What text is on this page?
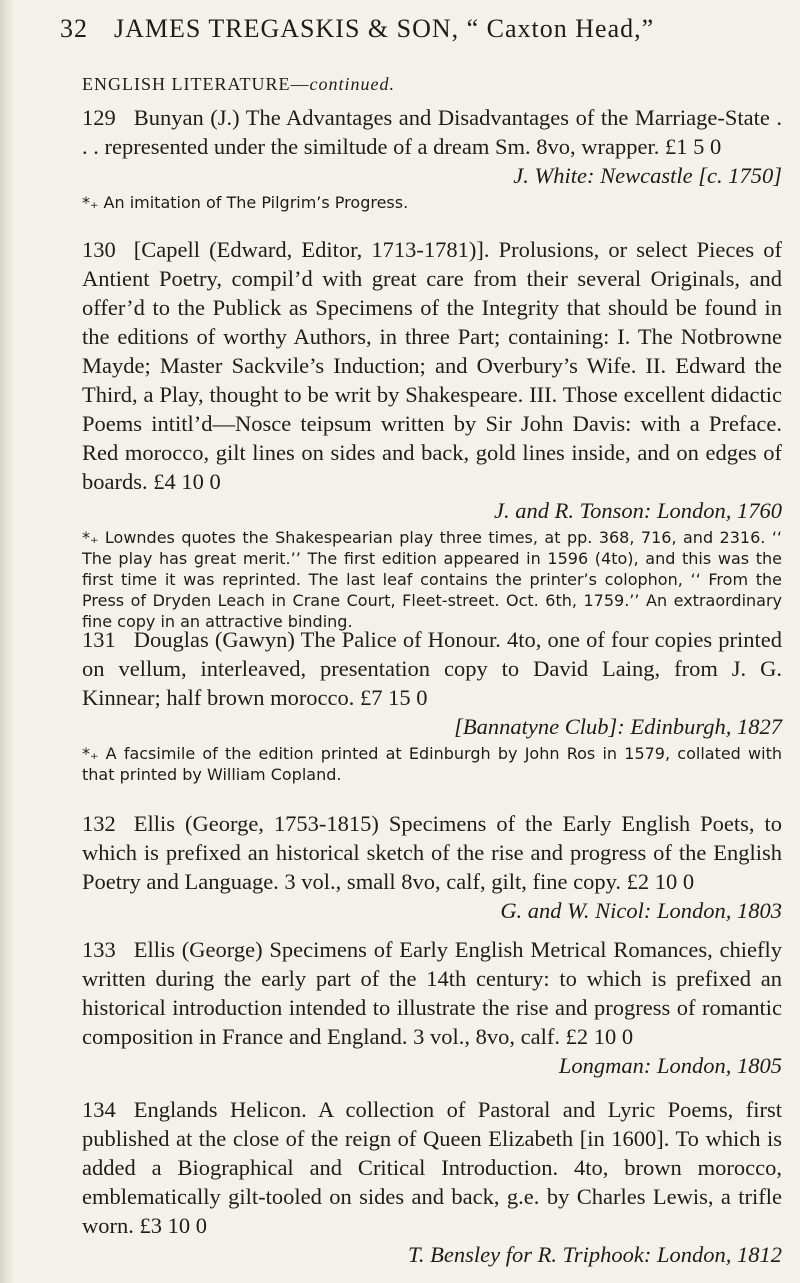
32 JAMES TREGASKIS & SON, “ Caxton Head,”
ENGLISH LITERATURE—continued.

129 Bunyan (J.) The Advantages and Disadvantages of the Marriage-State . . . represented under the similtude of a dream Sm. 8vo, wrapper. £1 5 0

J. White: Newcastle [c. 1750]

*₊ An imitation of The Pilgrim’s Progress.

130 [Capell (Edward, Editor, 1713-1781)]. Prolusions, or select Pieces of Antient Poetry, compil’d with great care from their several Originals, and offer’d to the Publick as Specimens of the Integrity that should be found in the editions of worthy Authors, in three Part; containing: I. The Notbrowne Mayde; Master Sackvile’s Induction; and Overbury’s Wife. II. Edward the Third, a Play, thought to be writ by Shakespeare. III. Those excellent didactic Poems intitl’d—Nosce teipsum written by Sir John Davis: with a Preface. Red morocco, gilt lines on sides and back, gold lines inside, and on edges of boards. £4 10 0

J. and R. Tonson: London, 1760

*₊ Lowndes quotes the Shakespearian play three times, at pp. 368, 716, and 2316. ‘‘ The play has great merit.’’ The first edition appeared in 1596 (4to), and this was the first time it was reprinted. The last leaf contains the printer’s colophon, ‘‘ From the Press of Dryden Leach in Crane Court, Fleet-street. Oct. 6th, 1759.’’ An extraordinary fine copy in an attractive binding.

131 Douglas (Gawyn) The Palice of Honour. 4to, one of four copies printed on vellum, interleaved, presentation copy to David Laing, from J. G. Kinnear; half brown morocco. £7 15 0

[Bannatyne Club]: Edinburgh, 1827

*₊ A facsimile of the edition printed at Edinburgh by John Ros in 1579, collated with that printed by William Copland.

132 Ellis (George, 1753-1815) Specimens of the Early English Poets, to which is prefixed an historical sketch of the rise and progress of the English Poetry and Language. 3 vol., small 8vo, calf, gilt, fine copy. £2 10 0

G. and W. Nicol: London, 1803

133 Ellis (George) Specimens of Early English Metrical Romances, chiefly written during the early part of the 14th century: to which is prefixed an historical introduction intended to illustrate the rise and progress of romantic composition in France and England. 3 vol., 8vo, calf. £2 10 0

Longman: London, 1805

134 Englands Helicon. A collection of Pastoral and Lyric Poems, first published at the close of the reign of Queen Elizabeth [in 1600]. To which is added a Biographical and Critical Introduction. 4to, brown morocco, emblematically gilt-tooled on sides and back, g.e. by Charles Lewis, a trifle worn. £3 10 0

T. Bensley for R. Triphook: London, 1812
